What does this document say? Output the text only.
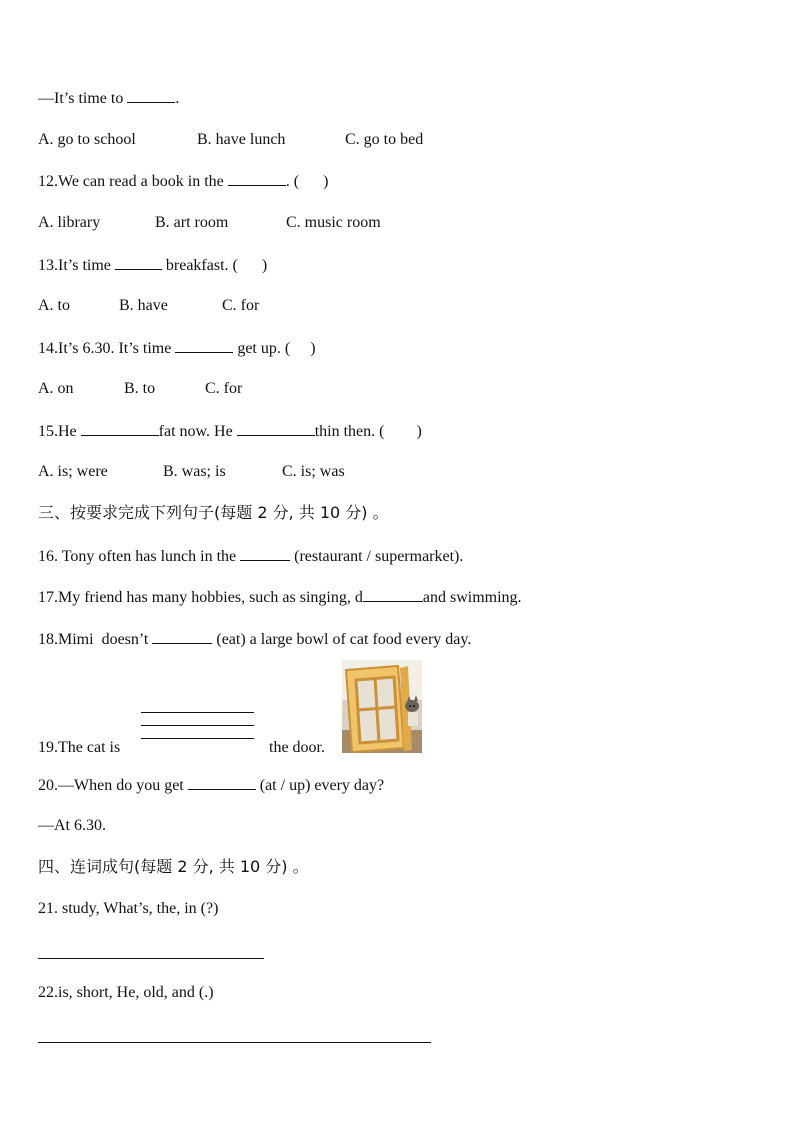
—It’s time to	.
A. go to school	B. have lunch	C. go to bed
12.We can read a book in the	. (      )
A. library	B. art room	C. music room
13.It’s time	breakfast. (      )
A. to	B. have	C. for
14.It’s 6.30. It’s time	get up. (     )
A. on	B. to	C. for
15.He	fat now. He	thin then. (        )
A. is; were	B. was; is	C. is; was
三、按要求完成下列句子(每题 2 分, 共 10 分) 。
16. Tony often has lunch in the	(restaurant / supermarket).
17.My friend has many hobbies, such as singing, d	and swimming.
18.Mimi  doesn’t	(eat) a large bowl of cat food every day.
19.The cat is	the door.
20.—When do you get	(at / up) every day?
—At 6.30.
四、连词成句(每题 2 分, 共 10 分) 。
21. study, What’s, the, in (?)
22.is, short, He, old, and (.)
